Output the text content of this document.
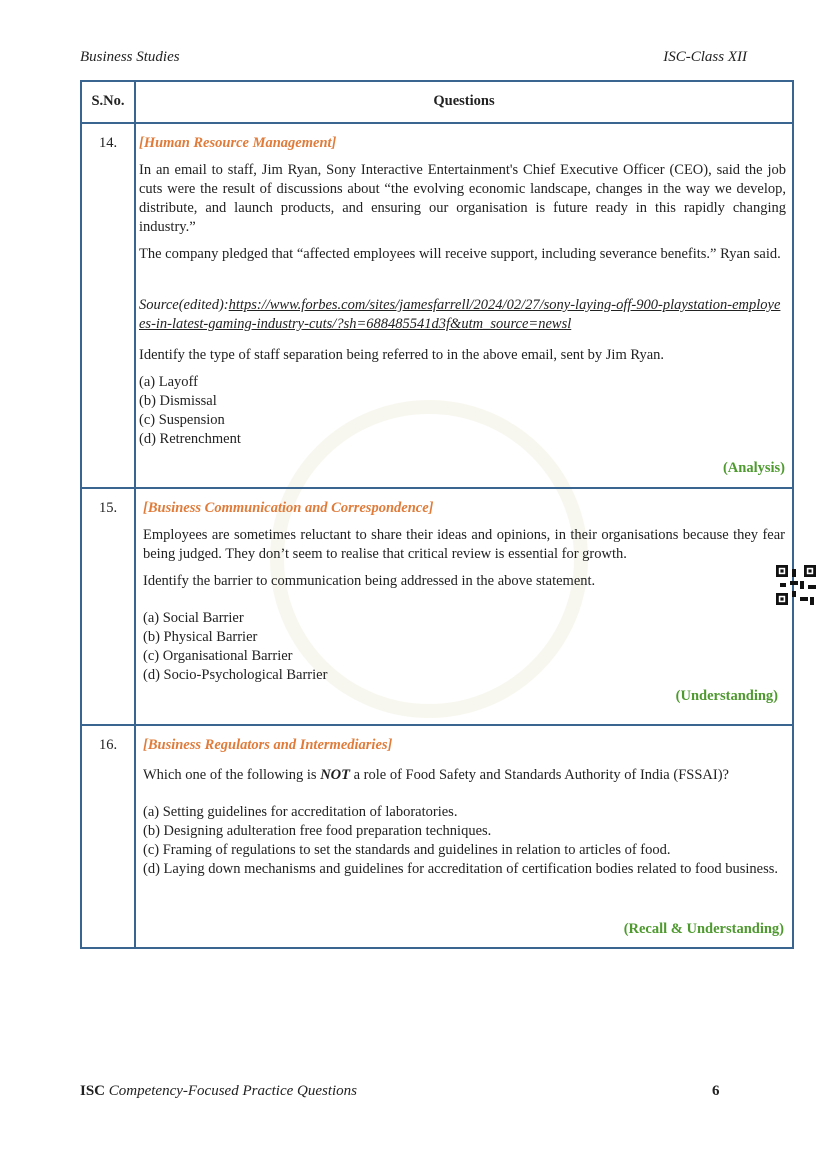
Business Studies	ISC-Class XII
S.No.	Questions
14.	[Human Resource Management]

In an email to staff, Jim Ryan, Sony Interactive Entertainment's Chief Executive Officer (CEO), said the job cuts were the result of discussions about “the evolving economic landscape, changes in the way we develop, distribute, and launch products, and ensuring our organisation is future ready in this rapidly changing industry.”

The company pledged that “affected employees will receive support, including severance benefits.” Ryan said.

Source(edited):https://www.forbes.com/sites/jamesfarrell/2024/02/27/sony-laying-off-900-playstation-employees-in-latest-gaming-industry-cuts/?sh=688485541d3f&utm_source=newsl

Identify the type of staff separation being referred to in the above email, sent by Jim Ryan.

(a) Layoff
(b) Dismissal
(c) Suspension
(d) Retrenchment
(Analysis)
15.	[Business Communication and Correspondence]

Employees are sometimes reluctant to share their ideas and opinions, in their organisations because they fear being judged. They don’t seem to realise that critical review is essential for growth.

Identify the barrier to communication being addressed in the above statement.

(a) Social Barrier
(b) Physical Barrier
(c) Organisational Barrier
(d) Socio-Psychological Barrier
(Understanding)
16.	[Business Regulators and Intermediaries]

Which one of the following is NOT a role of Food Safety and Standards Authority of India (FSSAI)?

(a) Setting guidelines for accreditation of laboratories.
(b) Designing adulteration free food preparation techniques.
(c) Framing of regulations to set the standards and guidelines in relation to articles of food.
(d) Laying down mechanisms and guidelines for accreditation of certification bodies related to food business.
(Recall & Understanding)
ISC Competency-Focused Practice Questions	6
